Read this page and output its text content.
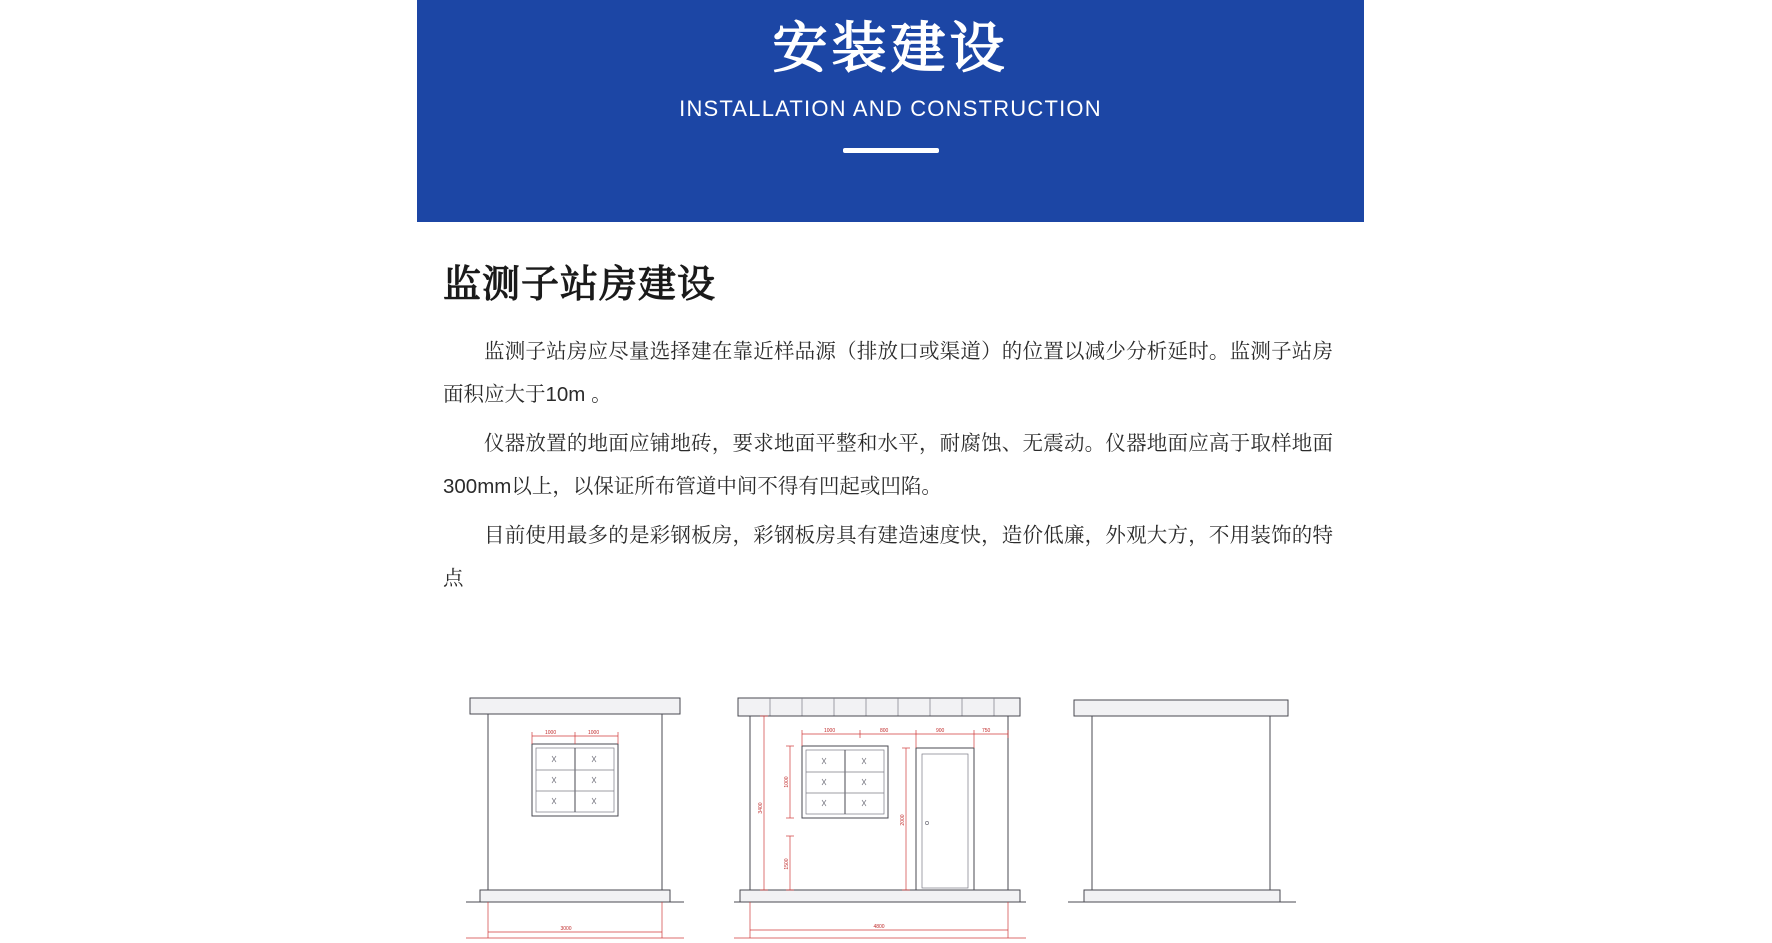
安装建设
INSTALLATION AND CONSTRUCTION
监测子站房建设

监测子站房应尽量选择建在靠近样品源（排放口或渠道）的位置以减少分析延时。监测子站房面积应大于10m 。

仪器放置的地面应铺地砖，要求地面平整和水平，耐腐蚀、无震动。仪器地面应高于取样地面300mm以上，以保证所布管道中间不得有凹起或凹陷。

目前使用最多的是彩钢板房，彩钢板房具有建造速度快，造价低廉，外观大方，不用装饰的特点

1000	1000
3000
1000	800	900	750
3400
1000
1500
2000
4800
